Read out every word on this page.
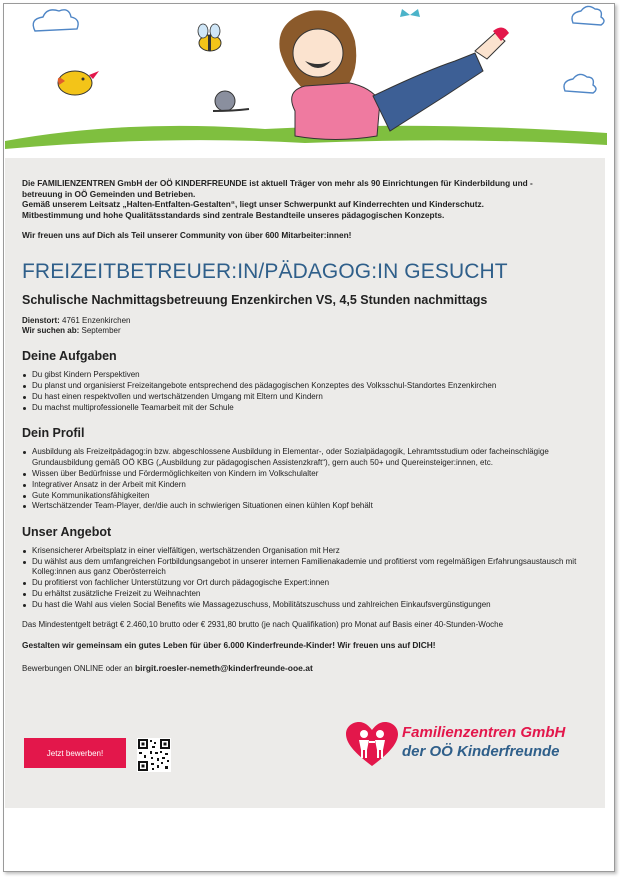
Die FAMILIENZENTREN GmbH der OÖ KINDERFREUNDE ist aktuell Träger von mehr als 90 Einrichtungen für Kinderbildung und -

betreuung in OÖ Gemeinden und Betrieben.

Gemäß unserem Leitsatz „Halten-Entfalten-Gestalten“, liegt unser Schwerpunkt auf Kinderrechten und Kinderschutz.

Mitbestimmung und hohe Qualitätsstandards sind zentrale Bestandteile unseres pädagogischen Konzepts.

Wir freuen uns auf Dich als Teil unserer Community von über 600 Mitarbeiter:innen!

FREIZEITBETREUER:IN/PÄDAGOG:IN GESUCHT
Schulische Nachmittagsbetreuung Enzenkirchen VS, 4,5 Stunden nachmittags

Dienstort: 4761 Enzenkirchen

Wir suchen ab: September

Deine Aufgaben
Du gibst Kindern Perspektiven
Du planst und organisierst Freizeitangebote entsprechend des pädagogischen Konzeptes des Volksschul-Standortes Enzenkirchen
Du hast einen respektvollen und wertschätzenden Umgang mit Eltern und Kindern
Du machst multiprofessionelle Teamarbeit mit der Schule
Dein Profil
Ausbildung als Freizeitpädagog:in bzw. abgeschlossene Ausbildung in Elementar-, oder Sozialpädagogik, Lehramtsstudium oder facheinschlägige Grundausbildung gemäß OÖ KBG („Ausbildung zur pädagogischen Assistenzkraft“), gern auch 50+ und Quereinsteiger:innen, etc.
Wissen über Bedürfnisse und Fördermöglichkeiten von Kindern im Volkschulalter
Integrativer Ansatz in der Arbeit mit Kindern
Gute Kommunikationsfähigkeiten
Wertschätzender Team-Player, der/die auch in schwierigen Situationen einen kühlen Kopf behält
Unser Angebot
Krisensicherer Arbeitsplatz in einer vielfältigen, wertschätzenden Organisation mit Herz
Du wählst aus dem umfangreichen Fortbildungsangebot in unserer internen Familienakademie und profitierst vom regelmäßigen Erfahrungsaustausch mit Kolleg:innen aus ganz Oberösterreich
Du profitierst von fachlicher Unterstützung vor Ort durch pädagogische Expert:innen
Du erhältst zusätzliche Freizeit zu Weihnachten
Du hast die Wahl aus vielen Social Benefits wie Massagezuschuss, Mobilitätszuschuss und zahlreichen Einkaufsvergünstigungen

Das Mindestentgelt beträgt € 2.460,10 brutto oder € 2931,80 brutto (je nach Qualifikation) pro Monat auf Basis einer 40-Stunden-Woche

Gestalten wir gemeinsam ein gutes Leben für über 6.000 Kinderfreunde-Kinder! Wir freuen uns auf DICH!

Bewerbungen ONLINE oder an birgit.roesler-nemeth@kinderfreunde-ooe.at

Jetzt bewerben!
Familienzentren GmbH
der OÖ Kinderfreunde
